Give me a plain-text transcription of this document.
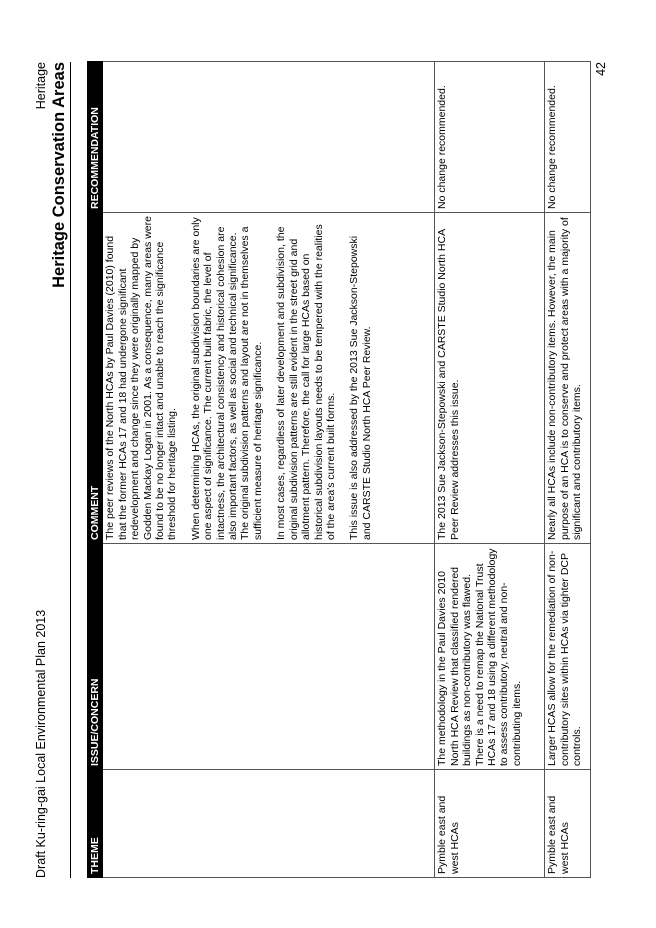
Draft Ku-ring-gai Local Environmental Plan 2013
Heritage Heritage Conservation Areas
THEME	ISSUE/CONCERN	COMMENT	RECOMMENDATION

		The peer reviews of the North HCAs by Paul Davies (2010) found that the former HCAs 17 and 18 had undergone significant redevelopment and change since they were originally mapped by Godden Mackay Logan in 2001. As a consequence, many areas were found to be no longer intact and unable to reach the significance threshold for heritage listing. When determining HCAs, the original subdivision boundaries are only one aspect of significance. The current built fabric, the level of intactness, the architectural consistency and historical cohesion are also important factors, as well as social and technical significance. The original subdivision patterns and layout are not in themselves a sufficient measure of heritage significance. In most cases, regardless of later development and subdivision, the original subdivision patterns are still evident in the street grid and allotment pattern. Therefore, the call for large HCAs based on historical subdivision layouts needs to be tempered with the realities of the area's current built forms. This issue is also addressed by the 2013 Sue Jackson-Stepowski and CARSTE Studio North HCA Peer Review.	

Pymble east and west HCAs	The methodology in the Paul Davies 2010 North HCA Review that classified rendered buildings as non-contributory was flawed. There is a need to remap the National Trust HCAs 17 and 18 using a different methodology to assess contributory, neutral and non-contributing items.	The 2013 Sue Jackson-Stepowski and CARSTE Studio North HCA Peer Review addresses this issue.	No change recommended.
Pymble east and west HCAs	Larger HCAS allow for the remediation of non-contributory sites within HCAs via tighter DCP controls.	Nearly all HCAs include non-contributory items. However, the main purpose of an HCA is to conserve and protect areas with a majority of significant and contributory items.	No change recommended.
42
